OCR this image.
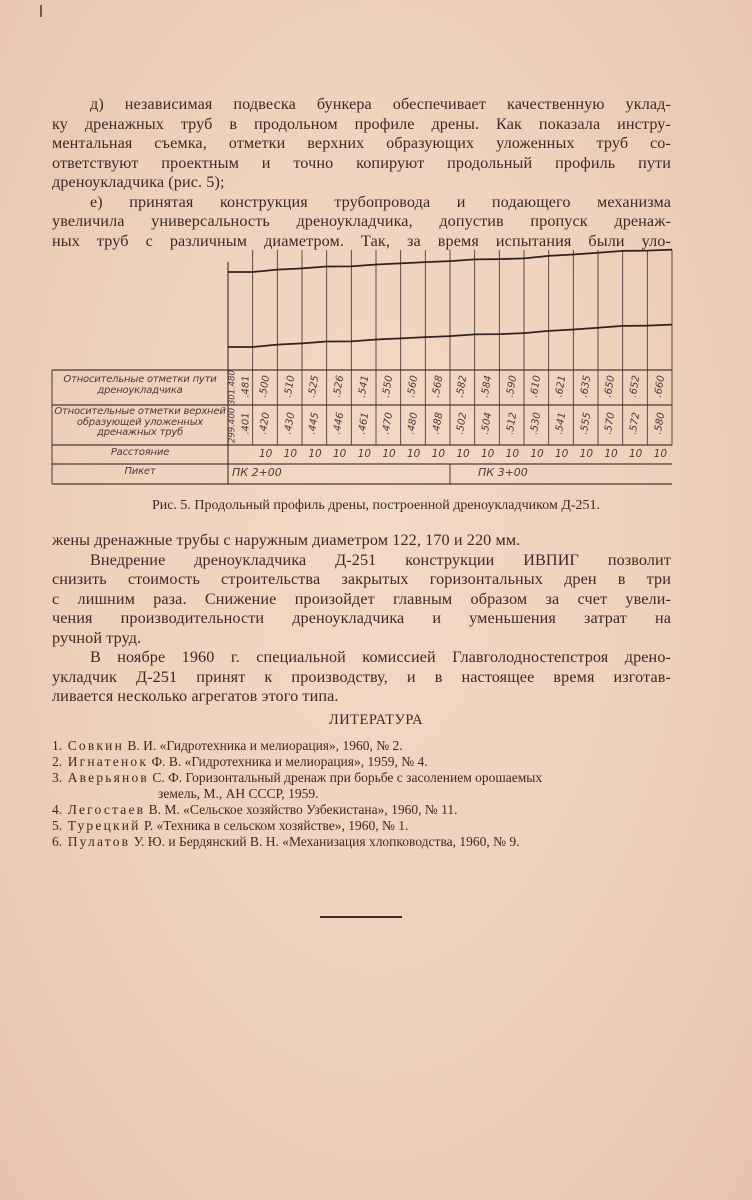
д) независимая подвеска бункера обеспечивает качественную уклад-
ку дренажных труб в продольном профиле дрены. Как показала инстру-
ментальная съемка, отметки верхних образующих уложенных труб со-
ответствуют проектным и точно копируют продольный профиль пути
дреноукладчика (рис. 5);
е) принятая конструкция трубопровода и подающего механизма
увеличила универсальность дреноукладчика, допустив пропуск дренаж-
ных труб с различным диаметром. Так, за время испытания были уло-
Относительные отметки пути дреноукладчика
Относительные отметки верхней образующей уложенных дренажных труб
Расстояние
Пикет
299.400 301.480
ПК 2+00	ПК 3+00
.481 .500 .510 .525 .526 .541 .550 .560 .568 .582 .584 .590 .610 .621 .635 .650 .652 .660
.401 .420 .430 .445 .446 .461 .470 .480 .488 .502 .504 .512 .530 .541 .555 .570 .572 .580
10 10 10 10 10 10 10 10 10 10 10 10 10 10 10 10 10
Рис. 5. Продольный профиль дрены, построенной дреноукладчиком Д-251.
жены дренажные трубы с наружным диаметром 122, 170 и 220 мм.
Внедрение дреноукладчика Д-251 конструкции ИВПИГ позволит
снизить стоимость строительства закрытых горизонтальных дрен в три
с лишним раза. Снижение произойдет главным образом за счет увели-
чения производительности дреноукладчика и уменьшения затрат на
ручной труд.
В ноябре 1960 г. специальной комиссией Главголодностепстроя дрено-
укладчик Д-251 принят к производству, и в настоящее время изготав-
ливается несколько агрегатов этого типа.
ЛИТЕРАТУРА
1. Совкин В. И. «Гидротехника и мелиорация», 1960, № 2.
2. Игнатенок Ф. В. «Гидротехника и мелиорация», 1959, № 4.
3. Аверьянов С. Ф. Горизонтальный дренаж при борьбе с засолением орошаемых
земель, М., АН СССР, 1959.
4. Легостаев В. М. «Сельское хозяйство Узбекистана», 1960, № 11.
5. Турецкий Р. «Техника в сельском хозяйстве», 1960, № 1.
6. Пулатов У. Ю. и Бердянский В. Н. «Механизация хлопководства, 1960, № 9.
